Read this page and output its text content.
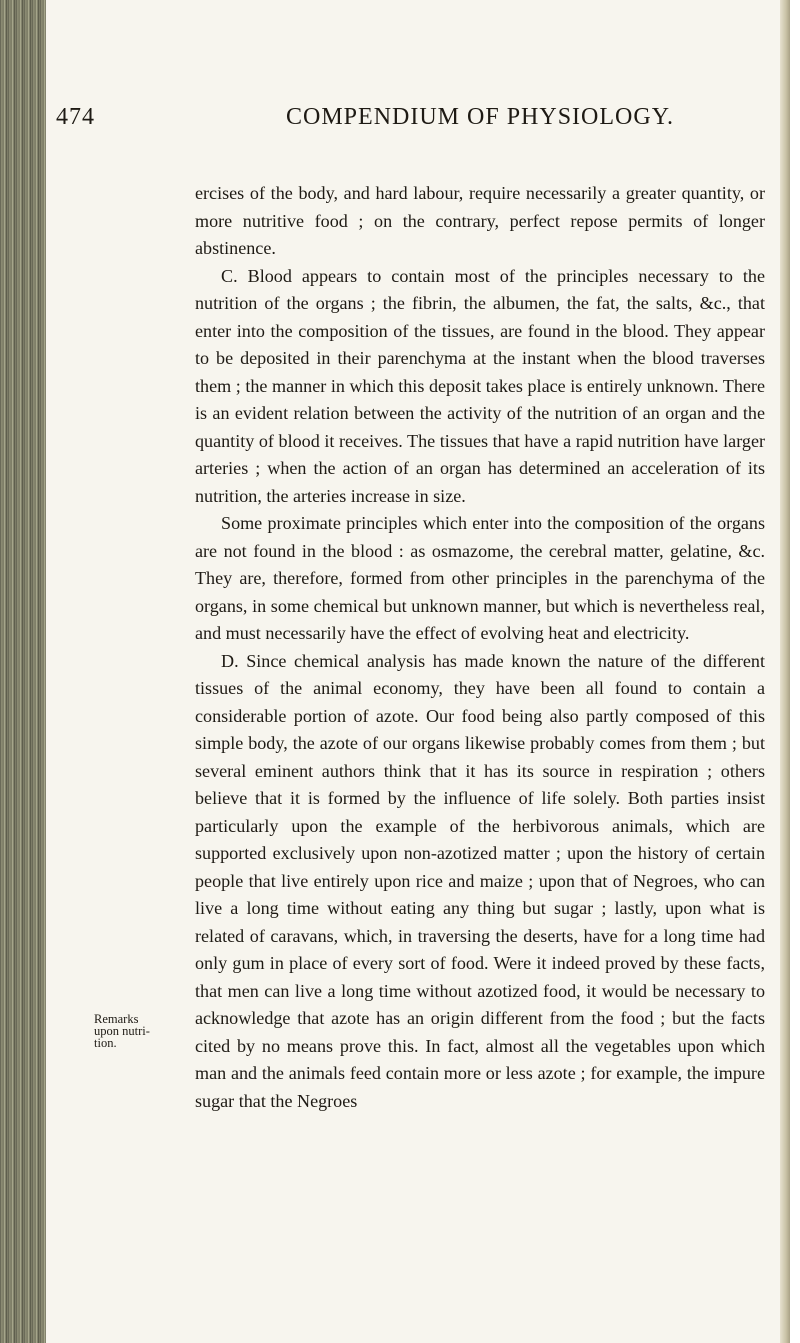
474	COMPENDIUM OF PHYSIOLOGY.
Remarks
upon nutri-
tion.

ercises of the body, and hard labour, require necessarily a greater quantity, or more nutritive food ; on the contrary, perfect repose permits of longer abstinence.

C. Blood appears to contain most of the principles necessary to the nutrition of the organs ; the fibrin, the albumen, the fat, the salts, &c., that enter into the composition of the tissues, are found in the blood. They appear to be deposited in their parenchyma at the instant when the blood traverses them ; the manner in which this deposit takes place is entirely unknown. There is an evident relation between the activity of the nutrition of an organ and the quantity of blood it receives. The tissues that have a rapid nutrition have larger arteries ; when the action of an organ has determined an acceleration of its nutrition, the arteries increase in size.

Some proximate principles which enter into the composition of the organs are not found in the blood : as osmazome, the cerebral matter, gelatine, &c. They are, therefore, formed from other principles in the parenchyma of the organs, in some chemical but unknown manner, but which is nevertheless real, and must necessarily have the effect of evolving heat and electricity.

D. Since chemical analysis has made known the nature of the different tissues of the animal economy, they have been all found to contain a considerable portion of azote. Our food being also partly composed of this simple body, the azote of our organs likewise probably comes from them ; but several eminent authors think that it has its source in respiration ; others believe that it is formed by the influence of life solely. Both parties insist particularly upon the example of the herbivorous animals, which are supported exclusively upon non-azotized matter ; upon the history of certain people that live entirely upon rice and maize ; upon that of Negroes, who can live a long time without eating any thing but sugar ; lastly, upon what is related of caravans, which, in traversing the deserts, have for a long time had only gum in place of every sort of food. Were it indeed proved by these facts, that men can live a long time without azotized food, it would be necessary to acknowledge that azote has an origin different from the food ; but the facts cited by no means prove this. In fact, almost all the vegetables upon which man and the animals feed contain more or less azote ; for example, the impure sugar that the Negroes
